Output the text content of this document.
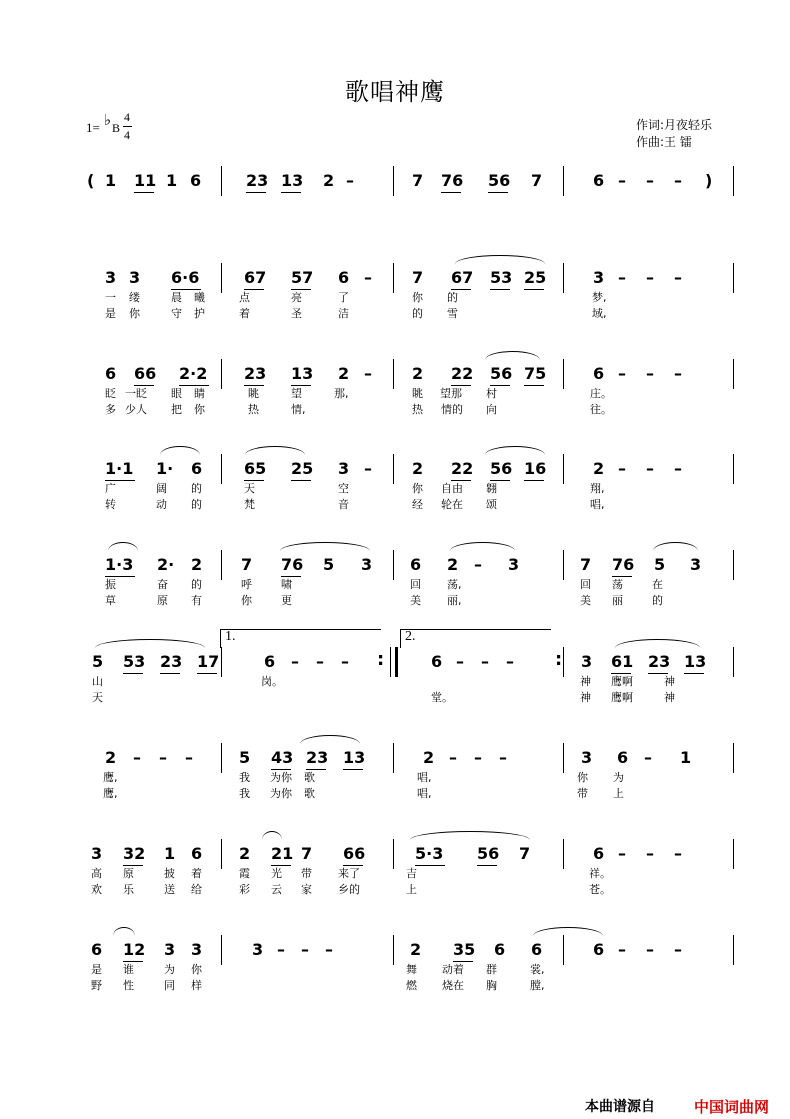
歌唱神鹰
1= ♭ B
4
4
作词:月夜轻乐
作曲:王 镭
( 1 11 1 6	23 13 2 –	7 76 56 7	6 – – – )
3 3 6·6	67 57 6 –	7 67 53 25	3 – – –
一 缕	晨 曦	点	亮	了	你 的	梦,
是 你	守 护	着	圣	洁	的 雪	域,
6 66 2·2 23 13 2 –	2 22 56 75	6 – – –
眨 一眨 眼 睛	眺	望	那,	眺 望那 村	庄。
多 少人 把 你	热	情,	热 情的 向	往。
1·1 1· 6	65 25 3 –	2 22 56 16	2 – – –
广	阔 的	天	空	你 自由 翱	翔,
转	动 的	梵	音	经 轮在 颂	唱,
1·3 2· 2 7 76 5 3 6 2 – 3	7 76 5 3
振	奋 的	呼	啸	回 荡,	回 荡	在
草	原 有	你	更	美 丽,	美 丽	的
5 53 23 17	6 – – –	6 – – –	3 61 23 13
1.	2.
山	岗。	神 鹰啊	神
天	堂。	神 鹰啊	神
2 – – –	5 43 23 13	2 – – –	3 6 – 1
鹰,	我 为你 歌	唱,	你 为
鹰,	我 为你 歌	唱,	带 上
3 32 1 6 2 21 7 66	5·3 56 7	6 – – –
高 原	披 着	霞 光 带 来了	吉	祥。
欢 乐	送 给	彩 云 家 乡的	上	苍。
6 12 3 3	3 – – –	2 35 6 6	6 – – –
是 谁	为 你	舞 动着 群	裳,
野 性	同 样	燃 烧在 胸	膛,
:	:
本曲谱源自	中国词曲网
